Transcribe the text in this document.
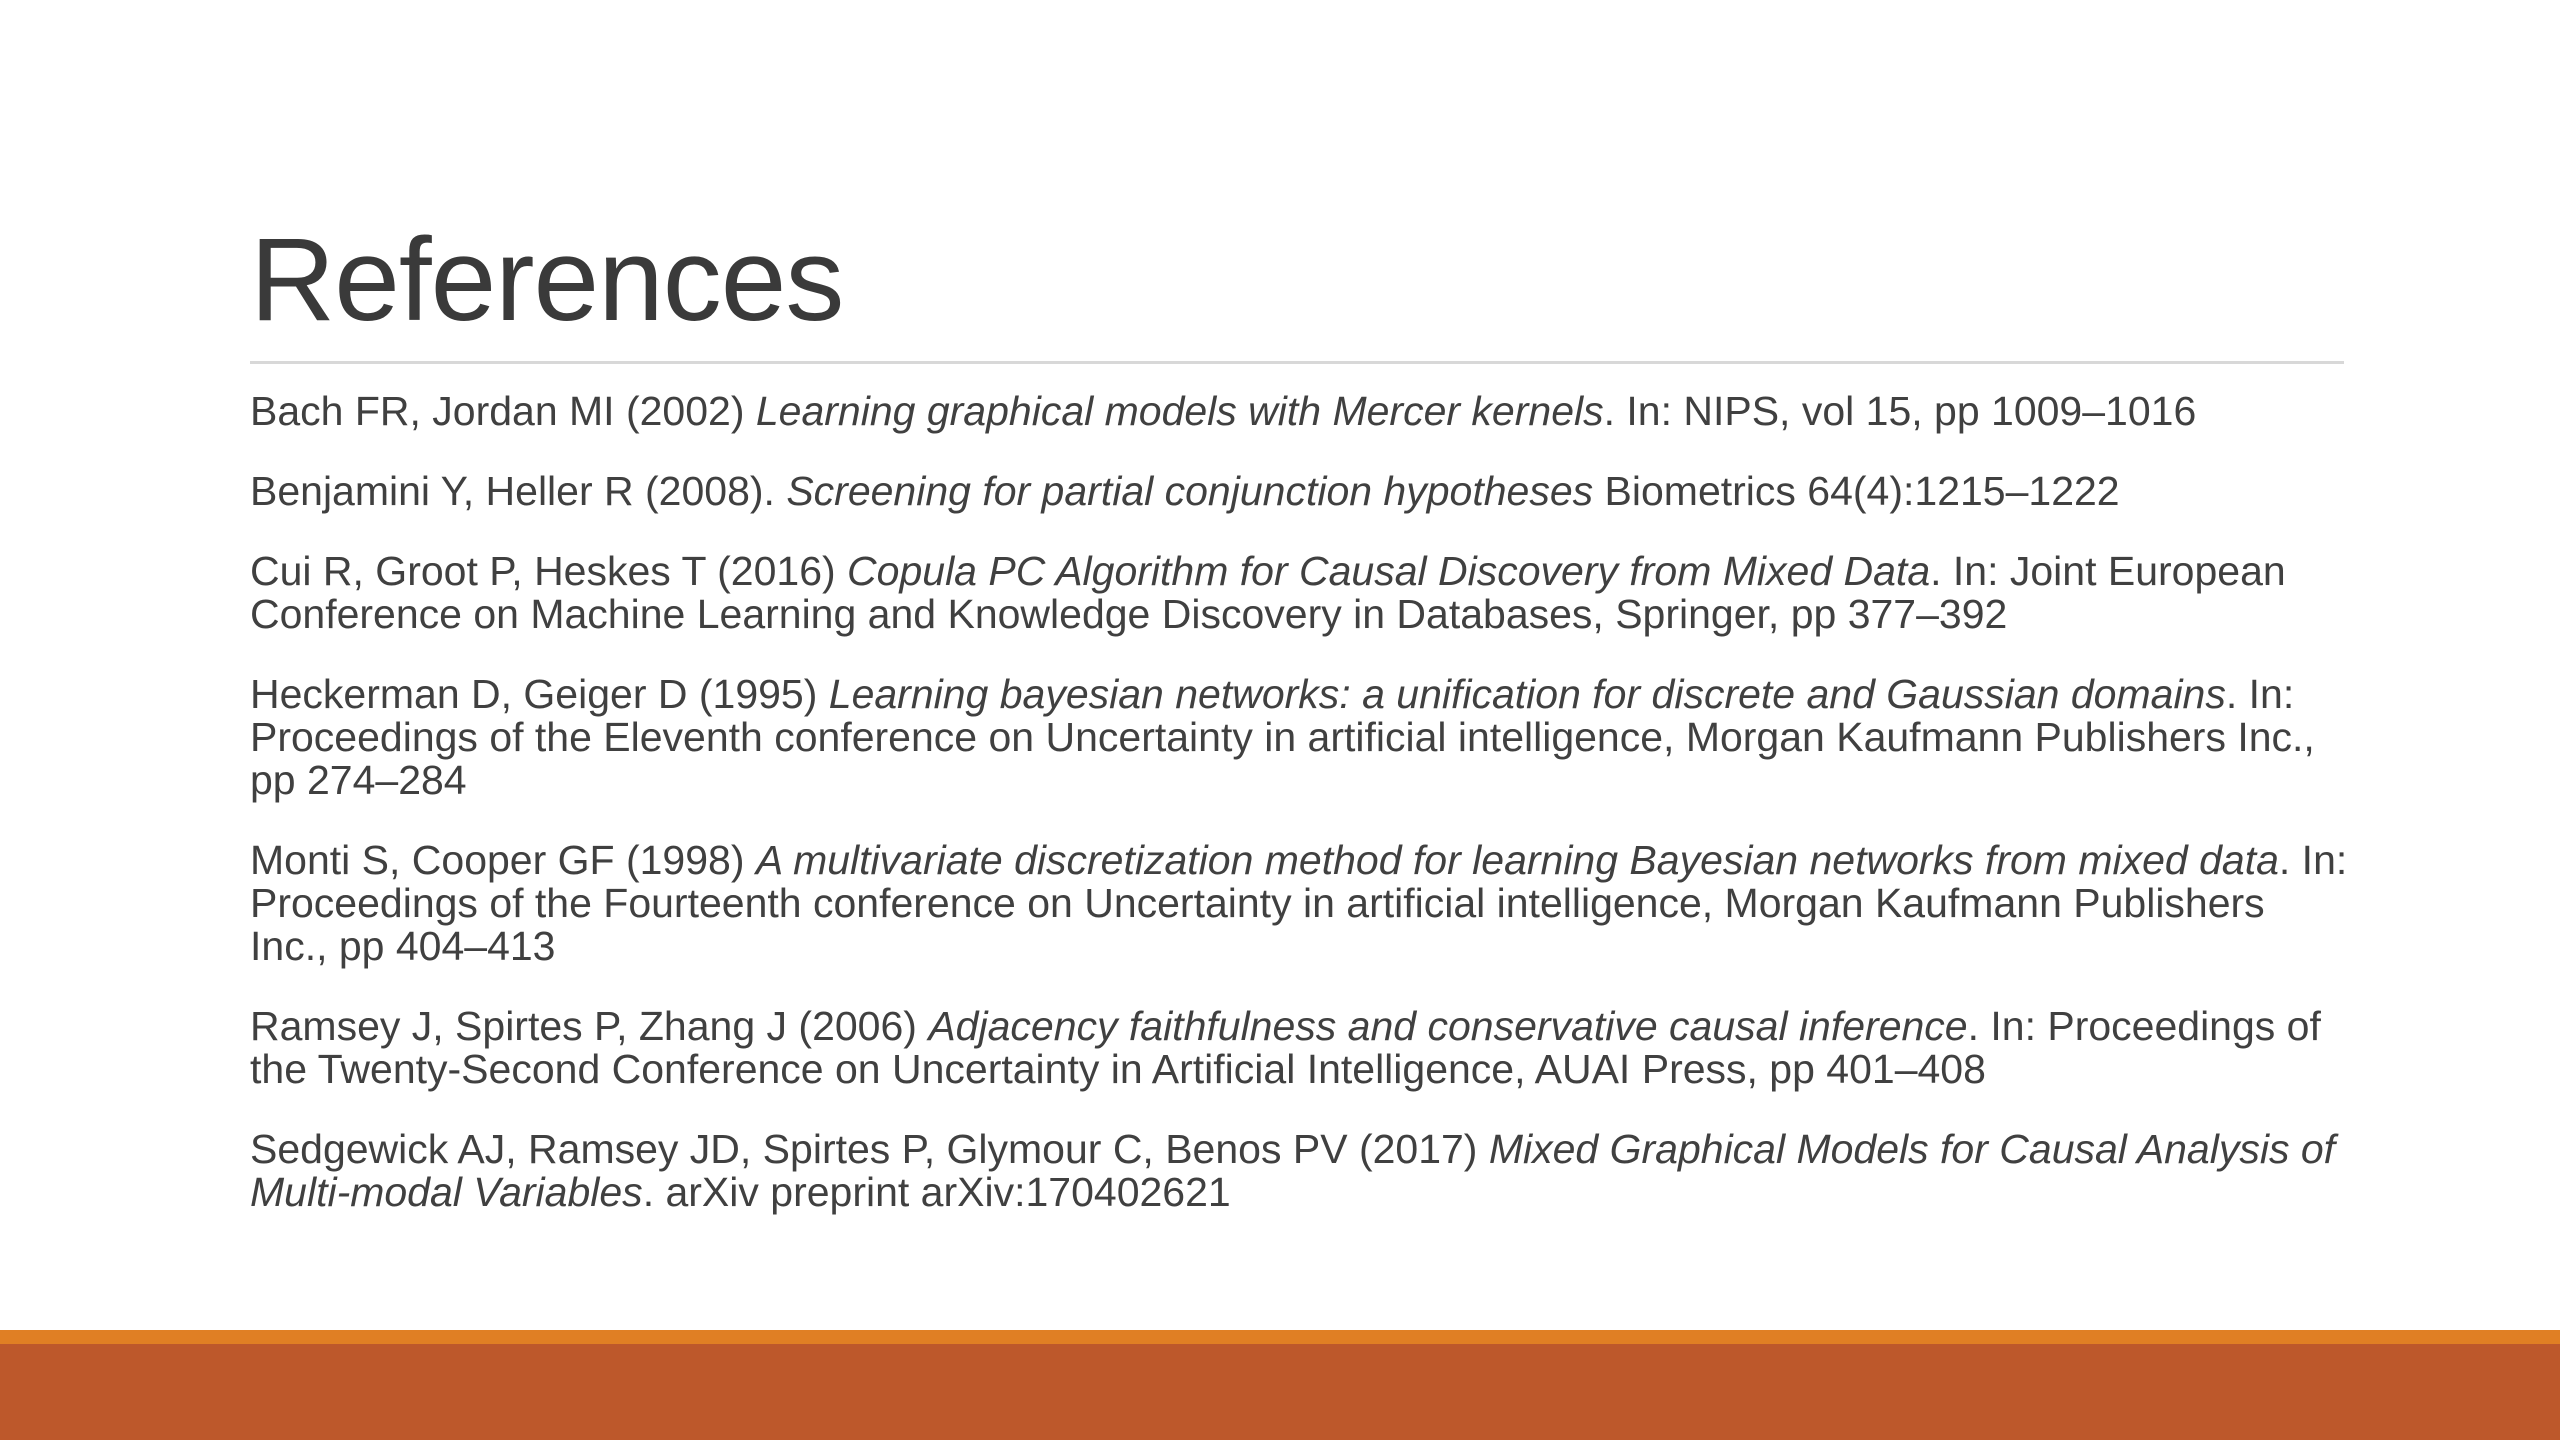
References
Bach FR, Jordan MI (2002) Learning graphical models with Mercer kernels. In: NIPS, vol 15, pp 1009–1016
Benjamini Y, Heller R (2008). Screening for partial conjunction hypotheses Biometrics 64(4):1215–1222
Cui R, Groot P, Heskes T (2016) Copula PC Algorithm for Causal Discovery from Mixed Data. In: Joint European Conference on Machine Learning and Knowledge Discovery in Databases, Springer, pp 377–392
Heckerman D, Geiger D (1995) Learning bayesian networks: a unification for discrete and Gaussian domains. In: Proceedings of the Eleventh conference on Uncertainty in artificial intelligence, Morgan Kaufmann Publishers Inc., pp 274–284
Monti S, Cooper GF (1998) A multivariate discretization method for learning Bayesian networks from mixed data. In: Proceedings of the Fourteenth conference on Uncertainty in artificial intelligence, Morgan Kaufmann Publishers Inc., pp 404–413
Ramsey J, Spirtes P, Zhang J (2006) Adjacency faithfulness and conservative causal inference. In: Proceedings of the Twenty-Second Conference on Uncertainty in Artificial Intelligence, AUAI Press, pp 401–408
Sedgewick AJ, Ramsey JD, Spirtes P, Glymour C, Benos PV (2017) Mixed Graphical Models for Causal Analysis of Multi-modal Variables. arXiv preprint arXiv:170402621
